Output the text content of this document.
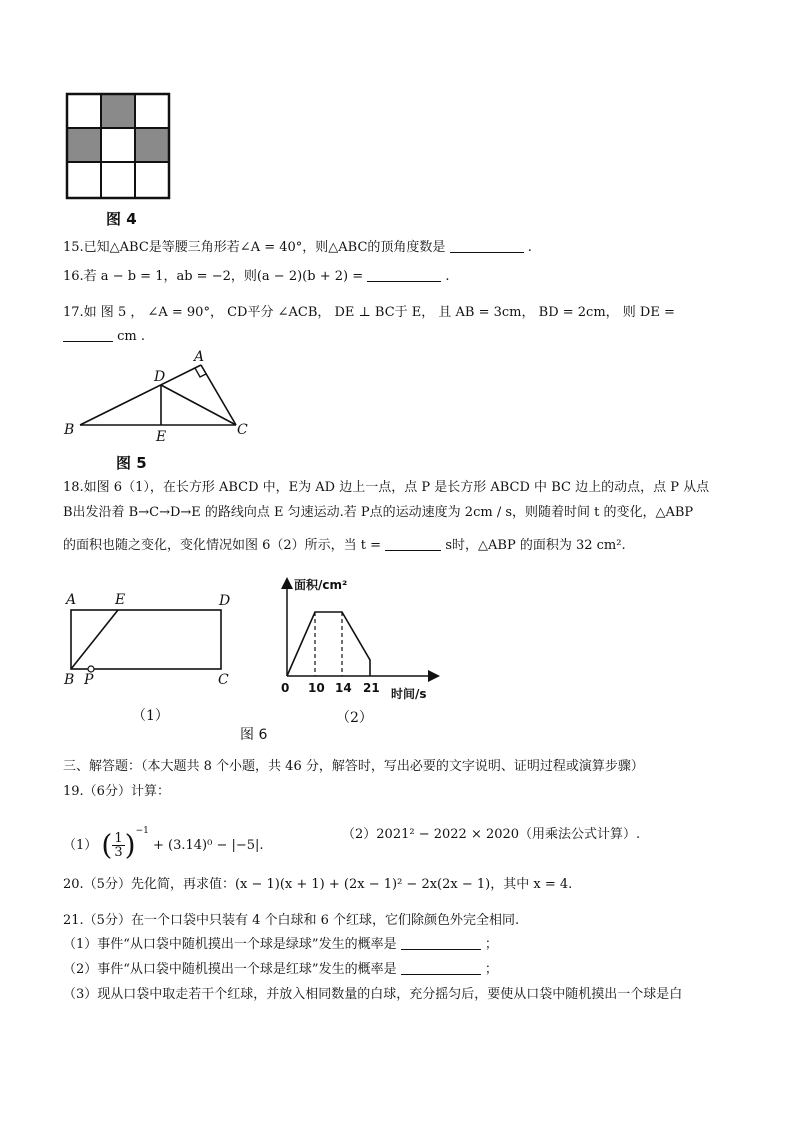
图 4
15.已知△ABC是等腰三角形若∠A = 40°，则△ABC的顶角度数是	.
16.若 a − b = 1，ab = −2，则(a − 2)(b + 2) =	.
17.如 图 5 ， ∠A = 90°， CD平分 ∠ACB， DE ⊥ BC于 E， 且 AB = 3cm， BD = 2cm， 则 DE =
cm .
A
D
B	E	C
图 5
18.如图 6（1），在长方形 ABCD 中，E为 AD 边上一点，点 P 是长方形 ABCD 中 BC 边上的动点，点 P 从点
B出发沿着 B→C→D→E 的路线向点 E 匀速运动.若 P点的运动速度为 2cm / s，则随着时间 t 的变化，△ABP
的面积也随之变化，变化情况如图 6（2）所示，当 t =	s时，△ABP 的面积为 32 cm².
A	E	D
B P	C
（1）
面积/cm²
时间/s
0 10 14 21
（2）
图 6
三、解答题：（本大题共 8 个小题，共 46 分，解答时，写出必要的文字说明、证明过程或演算步骤）
19.（6分）计算：
（1） ( $\frac{1}{3} )^{-1} + (3.14)^0 - |-5|$.
（2）2021² − 2022 × 2020（用乘法公式计算）.
20.（5分）先化简，再求值：(x − 1)(x + 1) + (2x − 1)² − 2x(2x − 1)，其中 x = 4.
21.（5分）在一个口袋中只装有 4 个白球和 6 个红球，它们除颜色外完全相同.
（1）事件“从口袋中随机摸出一个球是绿球”发生的概率是	；
（2）事件“从口袋中随机摸出一个球是红球”发生的概率是	；
（3）现从口袋中取走若干个红球，并放入相同数量的白球，充分摇匀后，要使从口袋中随机摸出一个球是白
